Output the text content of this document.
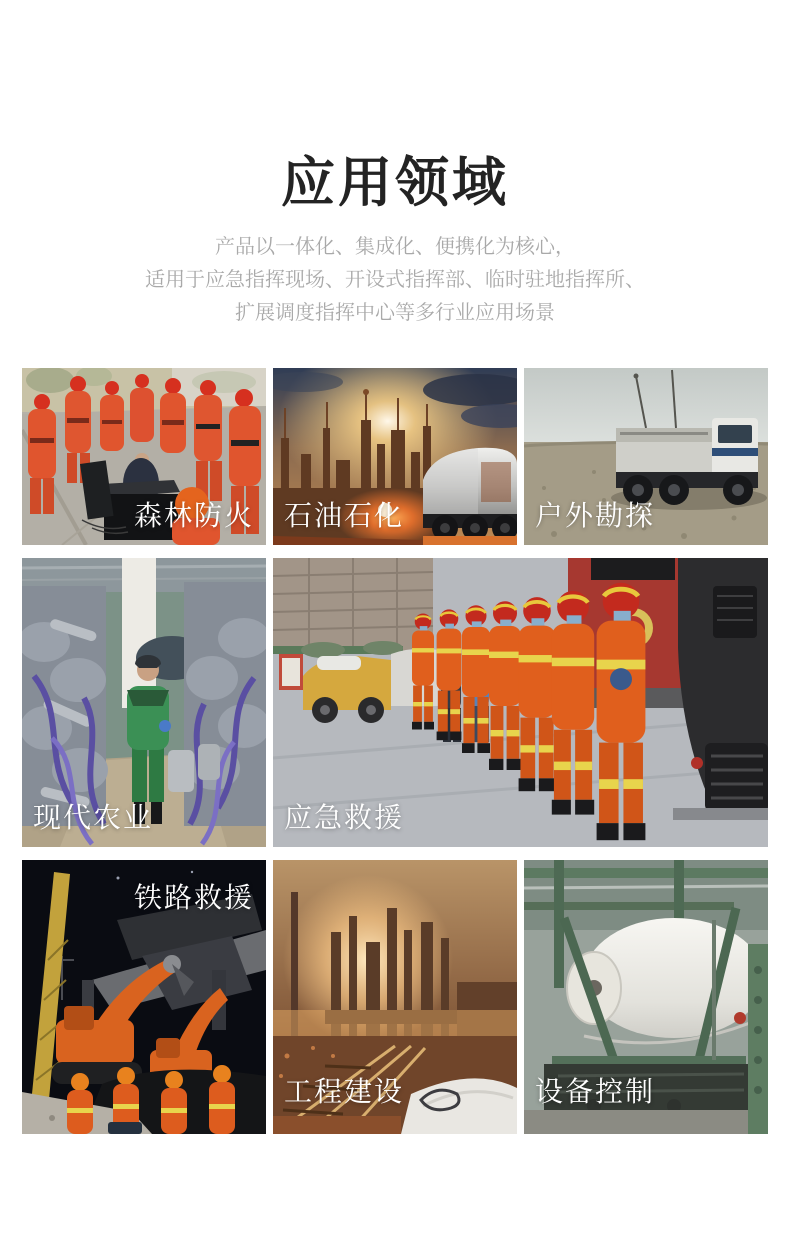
应用领域
产品以一体化、集成化、便携化为核心，
适用于应急指挥现场、开设式指挥部、临时驻地指挥所、
扩展调度指挥中心等多行业应用场景
森林防火 石油石化	户外勘探
现代农业	应急救援
铁路救援
工程建设	设备控制
